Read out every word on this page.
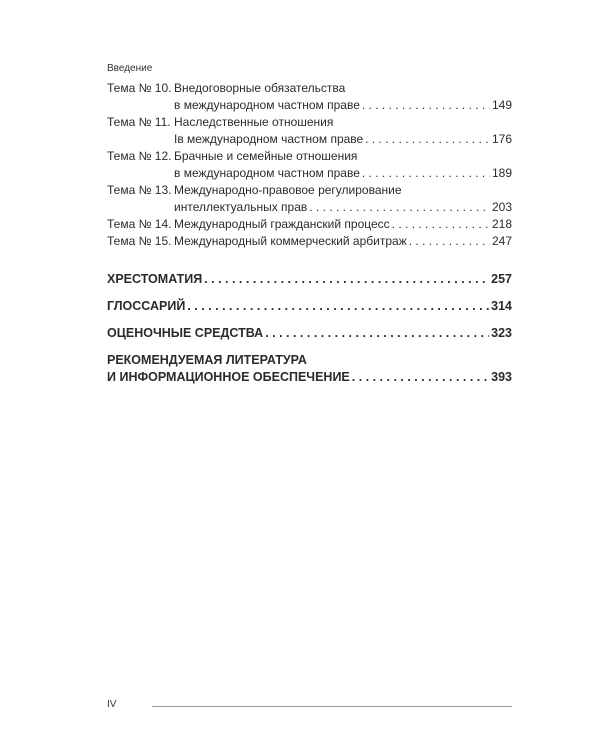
Введение
Тема № 10. Внедоговорные обязательства
в международном частном праве . . .	149
Тема № 11. Наследственные отношения
Iв международном частном праве . . .	176
Тема № 12. Брачные и семейные отношения
в международном частном праве . . .	189
Тема № 13. Международно-правовое регулирование
интеллектуальных прав . . .	203
Тема № 14. Международный гражданский процесс . . .	218
Тема № 15. Международный коммерческий арбитраж . . .	247
ХРЕСТОМАТИЯ . . .	257
ГЛОССАРИЙ . . .	314
ОЦЕНОЧНЫЕ СРЕДСТВА . . .	323
РЕКОМЕНДУЕМАЯ ЛИТЕРАТУРА
И ИНФОРМАЦИОННОЕ ОБЕСПЕЧЕНИЕ . . .	393
IV
